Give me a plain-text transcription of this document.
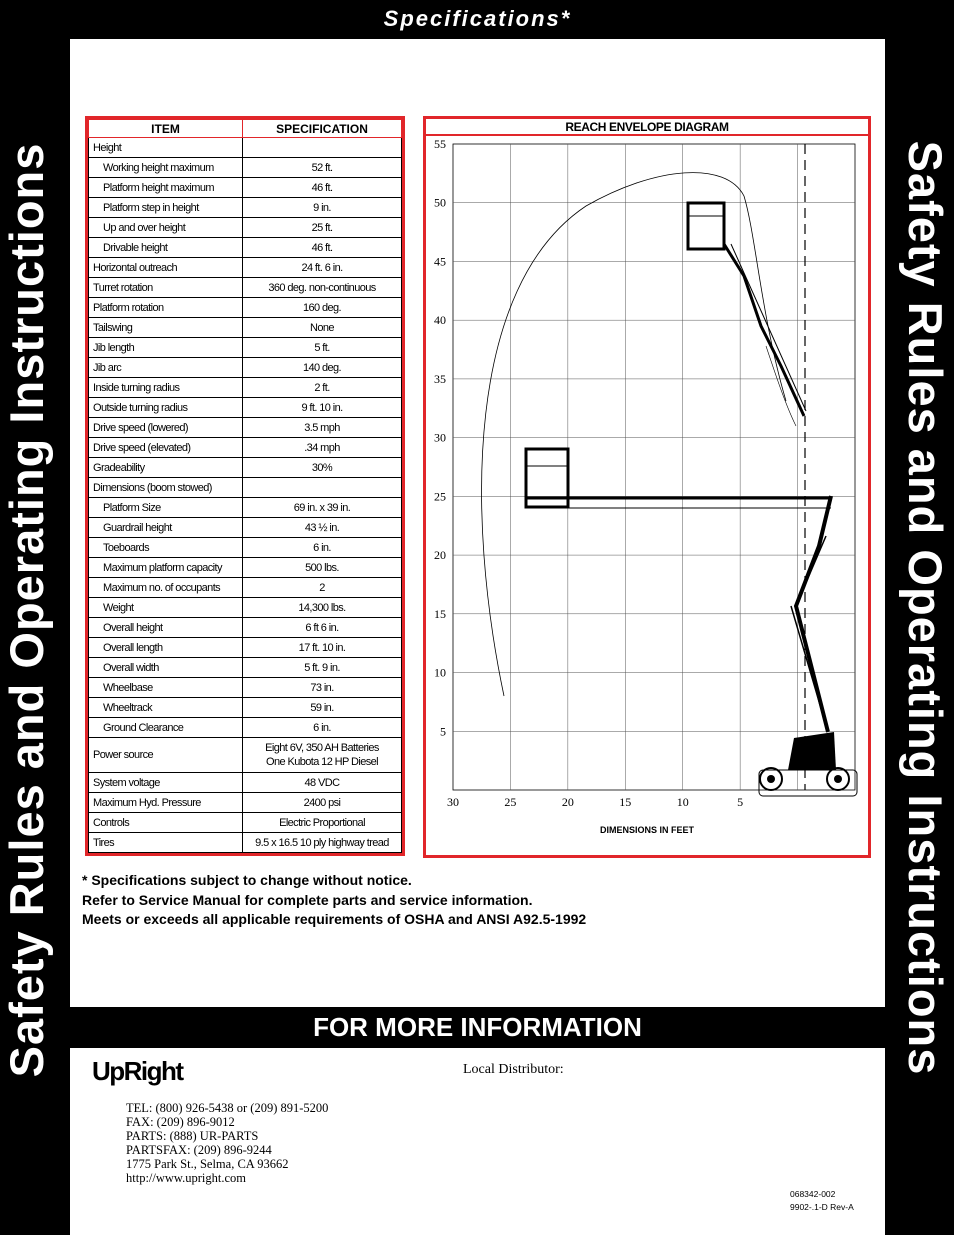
Specifications*
Safety Rules and Operating Instructions	Safety Rules and Operating Instructions
ITEM	SPECIFICATION
Height	

Working height maximum	52 ft.

Platform height maximum	46 ft.

Platform step in height	9 in.

Up and over height	25 ft.

Drivable height	46 ft.

Horizontal outreach	24 ft. 6 in.

Turret rotation	360 deg. non-continuous

Platform rotation	160 deg.

Tailswing	None

Jib length	5 ft.

Jib arc	140 deg.

Inside turning radius	2 ft.

Outside turning radius	9 ft. 10 in.

Drive speed (lowered)	3.5 mph

Drive speed (elevated)	.34 mph

Gradeability	30%

Dimensions (boom stowed)	

Platform Size	69 in. x 39 in.

Guardrail height	43 ½ in.

Toeboards	6 in.

Maximum platform capacity	500 lbs.

Maximum no. of occupants	2

Weight	14,300 lbs.

Overall height	6 ft 6 in.

Overall length	17 ft. 10 in.

Overall width	5 ft. 9 in.

Wheelbase	73 in.

Wheeltrack	59 in.

Ground Clearance	6 in.

Power source	Eight 6V, 350 AH Batteries
One Kubota 12 HP Diesel

System voltage	48 VDC

Maximum Hyd. Pressure	2400 psi

Controls	Electric Proportional

Tires	9.5 x 16.5 10 ply highway tread
REACH ENVELOPE DIAGRAM
55
50
45
40
35
30
25
20
15
10
5
30	25	20	15	10	5
DIMENSIONS IN FEET
* Specifications subject to change without notice.
Refer to Service Manual for complete parts and service information.
Meets or exceeds all applicable requirements of OSHA and ANSI A92.5-1992
FOR MORE INFORMATION
UpRight	Local Distributor:
TEL: (800) 926-5438 or (209) 891-5200
FAX: (209) 896-9012
PARTS: (888) UR-PARTS
PARTSFAX: (209) 896-9244
1775 Park St., Selma, CA 93662
http://www.upright.com
068342-002
9902-.1-D Rev-A
